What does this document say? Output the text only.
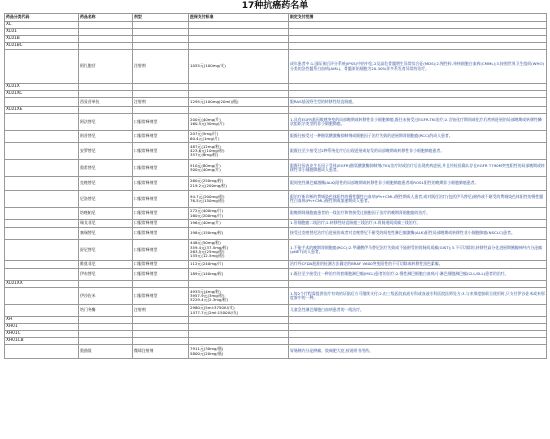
17种抗癌药名单
药品分类代码	药品名称	剂型	医保支付标准	限定支付范围
XL				
XL01				
XL01B				
XL01BC				
	阿扎胞苷	注射剂	1055元(100mg/支)	成年患者中:1.国际预后评分系统(IPSS)中的中危-2及高危骨髓增生异常综合征(MDS);2.慢性粒-单核细胞白血病(CMML);3.按照世界卫生组织(WHO)分类的急性髓系白血病(AML)、骨髓原始细胞为20-30%伴多系发育异常的治疗。
XL01X				
XL01XC				
	西妥昔单抗	注射剂	1295元(100mg(20ml)/瓶)	限RAS基因野生型的转移性结直肠癌。
XL01XE				
	阿法替尼	口服常释剂型	200元(40mg/片)
160.5元(30mg/片)	1.具有EGFR基因敏感突变的局部晚期或转移性非小细胞肺癌,既往未接受过EGFR-TKI治疗;2.含铂化疗期间或化疗后疾病进展的局部晚期或转移性鳞状组织学类型的非小细胞肺癌。
	阿昔替尼	口服常释剂型	207元(5mg/片)
60.4元(1mg/片)	限既往接受过一种酪氨酸激酶抑制剂或细胞因子治疗失败的进展期肾细胞癌(RCC)的成人患者。
	安罗替尼	口服常释剂型	487元(12mg/粒)
423.6元(10mg/粒)
357元(8mg/粒)	限既往至少接受过2种系统化疗后出现进展或复发的局部晚期或转移性非小细胞肺癌患者。
	奥希替尼	口服常释剂型	510元(80mg/片)
300元(40mg/片)	限既往因表皮生长因子受体(EGFR)酪氨酸激酶抑制剂(TKI)治疗时或治疗后出现疾病进展,并且经检验确认存在EGFR T790M突变阳性的局部晚期或转移性非小细胞肺癌成人患者。
	克唑替尼	口服常释剂型	260元(250mg/粒)
219.2元(200mg/粒)	限间变性淋巴瘤激酶(ALK)阳性的局部晚期或转移性非小细胞肺癌患者或ROS1阳性的晚期非小细胞肺癌患者。
	尼洛替尼	口服常释剂型	94.7元(200mg/粒)
76.5元(150mg/粒)	限治疗新诊断的费城染色体阳性的慢性髓性白血病(Ph+CML)慢性期成人患者,或对既往治疗(包括伊马替尼)耐药或不耐受的费城染色体阳性的慢性髓性白血病(Ph+CML)慢性期或加速期成人患者。
	培唑帕尼	口服常释剂型	272元(400mg/片)
160元(200mg/片)	限晚期肾细胞癌患者的一线治疗和曾接受过细胞因子治疗的晚期肾细胞癌的治疗。
	瑞戈非尼	口服常释剂型	196元(40mg/片)	1.肝细胞癌二线治疗;2.转移性结直肠癌三线治疗;3.胃肠道间质瘤三线治疗。
	塞瑞替尼	口服常释剂型	198元(150mg/粒)	接受过克唑替尼治疗后进展的或者对克唑替尼不耐受的间变性淋巴瘤激酶(ALK)阳性局部晚期或转移性非小细胞肺癌(NSCLC)患者。
	舒尼替尼	口服常释剂型	448元(50mg/粒)
359.4元(37.5mg/粒)
263.5元(25mg/粒)
155元(12.5mg/粒)	1.不能手术的晚期肾细胞癌(RCC);2.甲磺酸伊马替尼治疗失败或不能耐受的胃肠间质瘤(GIST);3.不可切除的,转移性高分化进展期胰腺神经内分泌瘤(pNET)成人患者。
	维莫非尼	口服常释剂型	112元(240mg/片)	治疗经CFDA批准的检测方法确定的BRAF V600突变阳性的不可切除或转移性黑色素瘤。
	伊布替尼	口服常释剂型	189元(140mg/粒)	1.既往至少接受过一种治疗的套细胞淋巴瘤(MCL)患者的治疗;2.慢性淋巴细胞白血病/小淋巴细胞淋巴瘤(CLL/SLL)患者的治疗。
XL01XX				
	伊沙佐米	口服常释剂型	4933元(4mg/粒)
3957.9元(3mg/粒)
3229.4元(2.3mg/粒)	1.每2个疗程需提供治疗有效的证据后方可继续支付;2.由三级医院血液专科或血液专科医院医师处方;3.与来那度胺联合使用时,只支付伊沙佐米或来那度胺中的一种。
	培门冬酶	注射剂	2980元(5ml:3750IU/支)
1477.7元(2ml:1500IU/支)	儿童急性淋巴细胞白血病患者的一线治疗。
XH				
XH01				
XH01C				
XH01CB				
	奥曲肽	微球注射剂	7911元(30mg/瓶)
5800元(20mg/瓶)	胃肠胰内分泌肿瘤、肢端肥大症,按说明书用药。
